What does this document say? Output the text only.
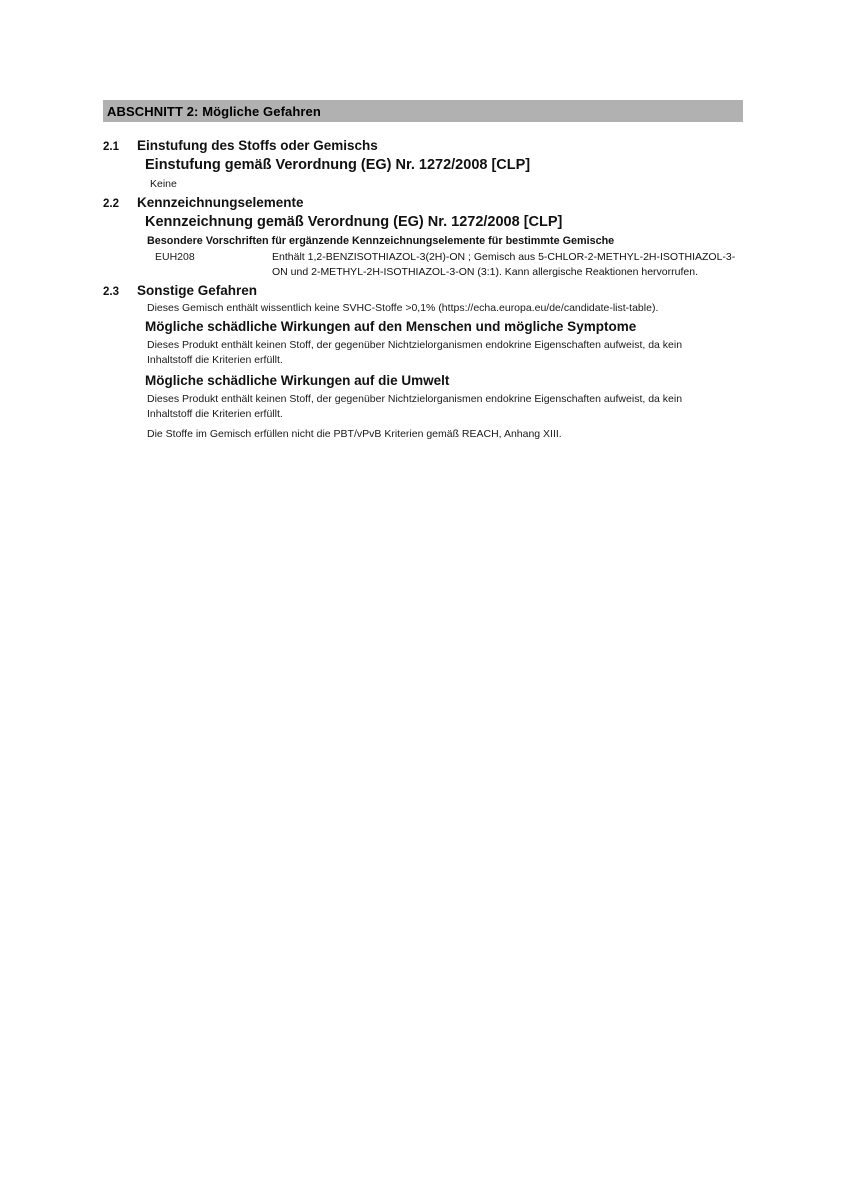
ABSCHNITT 2: Mögliche Gefahren
2.1	Einstufung des Stoffs oder Gemischs
Einstufung gemäß Verordnung (EG) Nr. 1272/2008 [CLP]
Keine
2.2	Kennzeichnungselemente
Kennzeichnung gemäß Verordnung (EG) Nr. 1272/2008 [CLP]
Besondere Vorschriften für ergänzende Kennzeichnungselemente für bestimmte Gemische
EUH208	Enthält 1,2-BENZISOTHIAZOL-3(2H)-ON ; Gemisch aus 5-CHLOR-2-METHYL-2H-ISOTHIAZOL-3-ON und 2-METHYL-2H-ISOTHIAZOL-3-ON (3:1). Kann allergische Reaktionen hervorrufen.
2.3	Sonstige Gefahren
Dieses Gemisch enthält wissentlich keine SVHC-Stoffe >0,1% (https://echa.europa.eu/de/candidate-list-table).
Mögliche schädliche Wirkungen auf den Menschen und mögliche Symptome
Dieses Produkt enthält keinen Stoff, der gegenüber Nichtzielorganismen endokrine Eigenschaften aufweist, da kein Inhaltstoff die Kriterien erfüllt.
Mögliche schädliche Wirkungen auf die Umwelt
Dieses Produkt enthält keinen Stoff, der gegenüber Nichtzielorganismen endokrine Eigenschaften aufweist, da kein Inhaltstoff die Kriterien erfüllt.
Die Stoffe im Gemisch erfüllen nicht die PBT/vPvB Kriterien gemäß REACH, Anhang XIII.
